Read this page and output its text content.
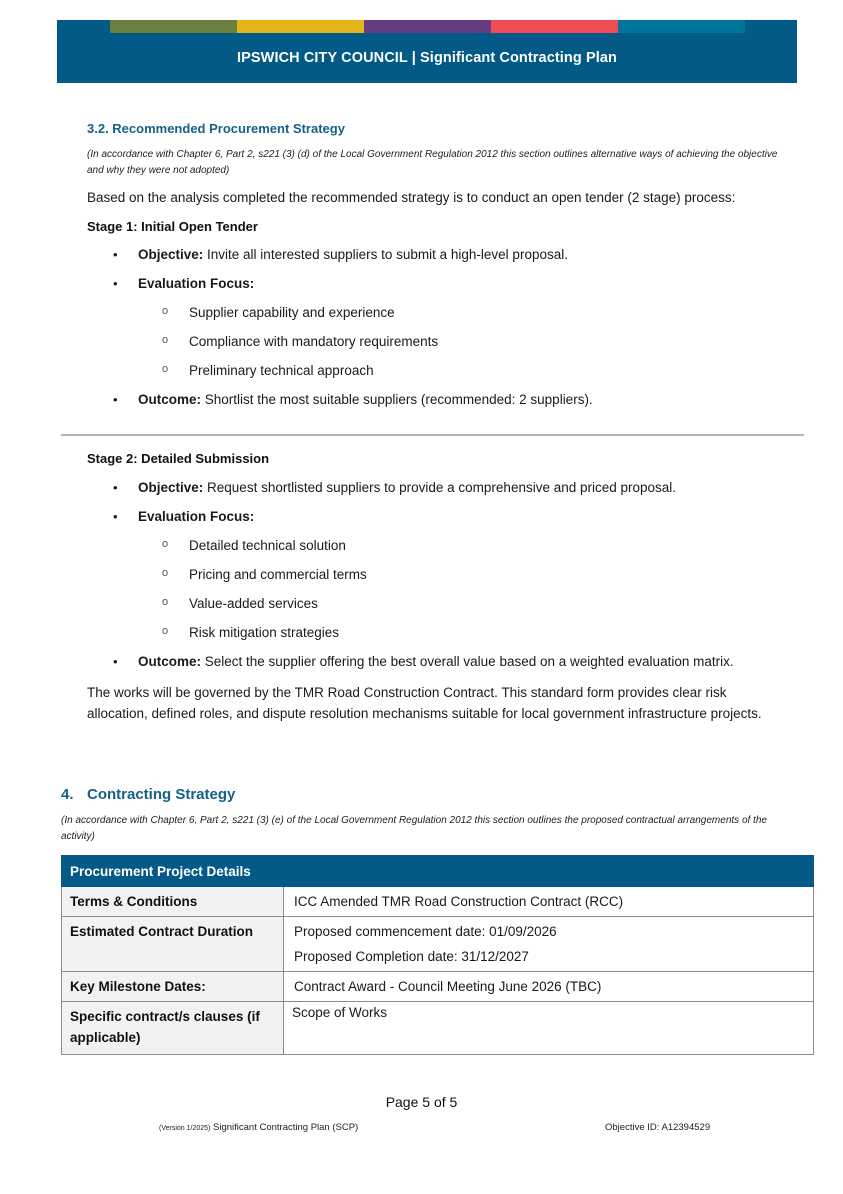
IPSWICH CITY COUNCIL | Significant Contracting Plan
3.2. Recommended Procurement Strategy
(In accordance with Chapter 6, Part 2, s221 (3) (d) of the Local Government Regulation 2012 this section outlines alternative ways of achieving the objective and why they were not adopted)
Based on the analysis completed the recommended strategy is to conduct an open tender (2 stage) process:
Stage 1: Initial Open Tender
• Objective: Invite all interested suppliers to submit a high-level proposal.
• Evaluation Focus:
o Supplier capability and experience
o Compliance with mandatory requirements
o Preliminary technical approach
• Outcome: Shortlist the most suitable suppliers (recommended: 2 suppliers).
Stage 2: Detailed Submission
• Objective: Request shortlisted suppliers to provide a comprehensive and priced proposal.
• Evaluation Focus:
o Detailed technical solution
o Pricing and commercial terms
o Value-added services
o Risk mitigation strategies
• Outcome: Select the supplier offering the best overall value based on a weighted evaluation matrix.
The works will be governed by the TMR Road Construction Contract. This standard form provides clear risk allocation, defined roles, and dispute resolution mechanisms suitable for local government infrastructure projects.
4. Contracting Strategy
(In accordance with Chapter 6, Part 2, s221 (3) (e) of the Local Government Regulation 2012 this section outlines the proposed contractual arrangements of the activity)
Procurement Project Details	
Terms & Conditions	ICC Amended TMR Road Construction Contract (RCC)

Estimated Contract Duration	Proposed commencement date: 01/09/2026
Proposed Completion date: 31/12/2027

Key Milestone Dates:	Contract Award - Council Meeting June 2026 (TBC)

Specific contract/s clauses (if applicable)	Scope of Works
Page 5 of 5
(Version 1/2025) Significant Contracting Plan (SCP)	Objective ID: A12394529
